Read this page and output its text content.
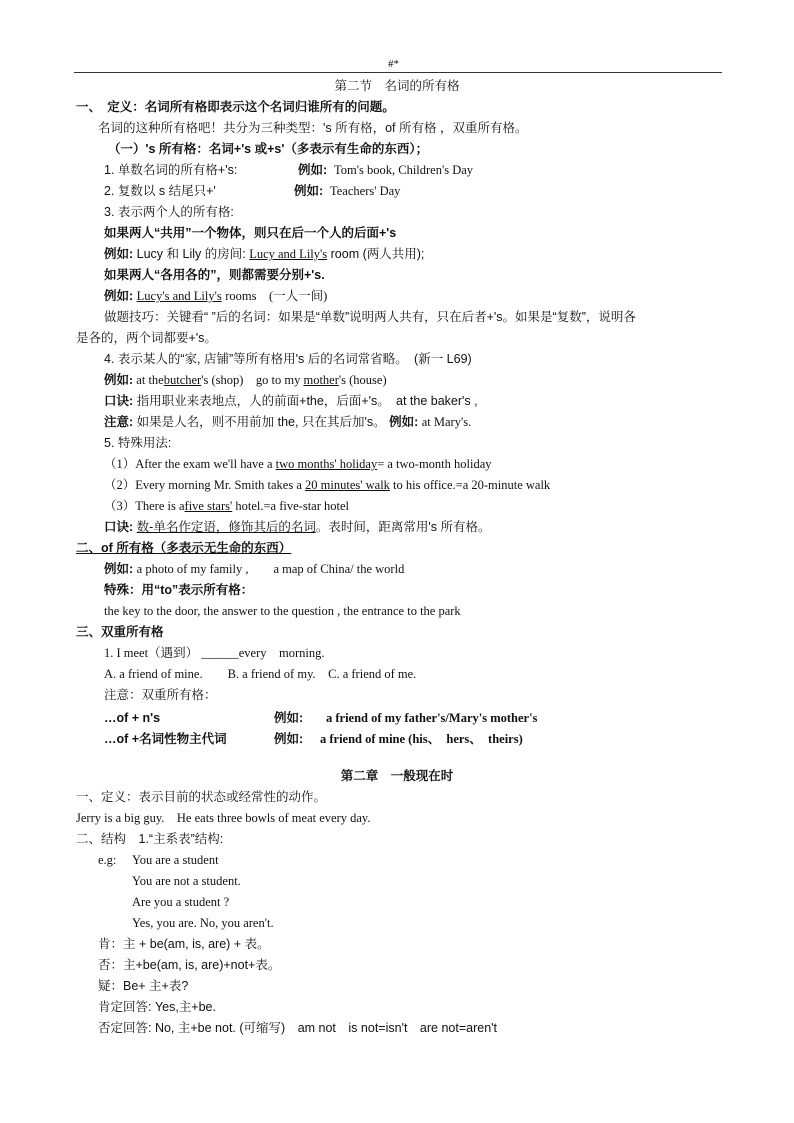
#*
第二节　名词的所有格
一、　定义：名词所有格即表示这个名词归谁所有的问题。
名词的这种所有格吧！共分为三种类型：'s 所有格，of 所有格 ，双重所有格。
（一）'s 所有格：名词+'s 或+s'（多表示有生命的东西）；
1. 单数名词的所有格+'s:	例如: Tom's book, Children's Day
2. 复数以 s 结尾只+'	例如: Teachers' Day
3. 表示两个人的所有格:
如果两人“共用”一个物体，则只在后一个人的后面+'s
例如: Lucy 和 Lily 的房间: Lucy and Lily's room (两人共用);
如果两人“各用各的”，则都需要分别+'s.
例如: Lucy's and Lily's rooms　(一人一间)
做题技巧：关键看“ ”后的名词：如果是“单数”说明两人共有，只在后者+'s。如果是“复数”，说明各
是各的，两个词都要+'s。
4. 表示某人的“家, 店铺”等所有格用's 后的名词常省略。　(新一 L69)
例如: at thebutcher's (shop)　go to my mother's (house)
口诀: 指用职业来表地点，人的前面+the，后面+'s。　at the baker's ,
注意: 如果是人名，则不用前加 the, 只在其后加's。 例如: at Mary's.
5. 特殊用法:
（1）After the exam we'll have a two months' holiday= a two-month holiday
（2）Every morning Mr. Smith takes a 20 minutes' walk to his office.=a 20-minute walk
（3）There is afive stars' hotel.=a five-star hotel
口诀: 数-单名作定语，修饰其后的名词。表时间，距离常用's 所有格。
二、of 所有格（多表示无生命的东西）
例如: a photo of my family ,　　a map of China/ the world
特殊：用“to”表示所有格：
the key to the door, the answer to the question , the entrance to the park
三、双重所有格
1. I meet（遇到） ______every　morning.
A. a friend of mine.　　B. a friend of my.　C. a friend of me.
注意：双重所有格：
…of + n's	例如: a friend of my father's/Mary's mother's
…of +名词性物主代词	例如: a friend of mine (his、　hers、　theirs)
第二章　一般现在时
一、定义：表示目前的状态或经常性的动作。
Jerry is a big guy.　He eats three bowls of meat every day.
二、结构　1.“主系表”结构:
e.g: You are a student
You are not a student.
Are you a student ?
Yes, you are. No, you aren't.
肯：主 + be(am, is, are) + 表。
否：主+be(am, is, are)+not+表。
疑：Be+ 主+表?
肯定回答: Yes,主+be.
否定回答: No, 主+be not. (可缩写)　am not　is not=isn't　are not=aren't
